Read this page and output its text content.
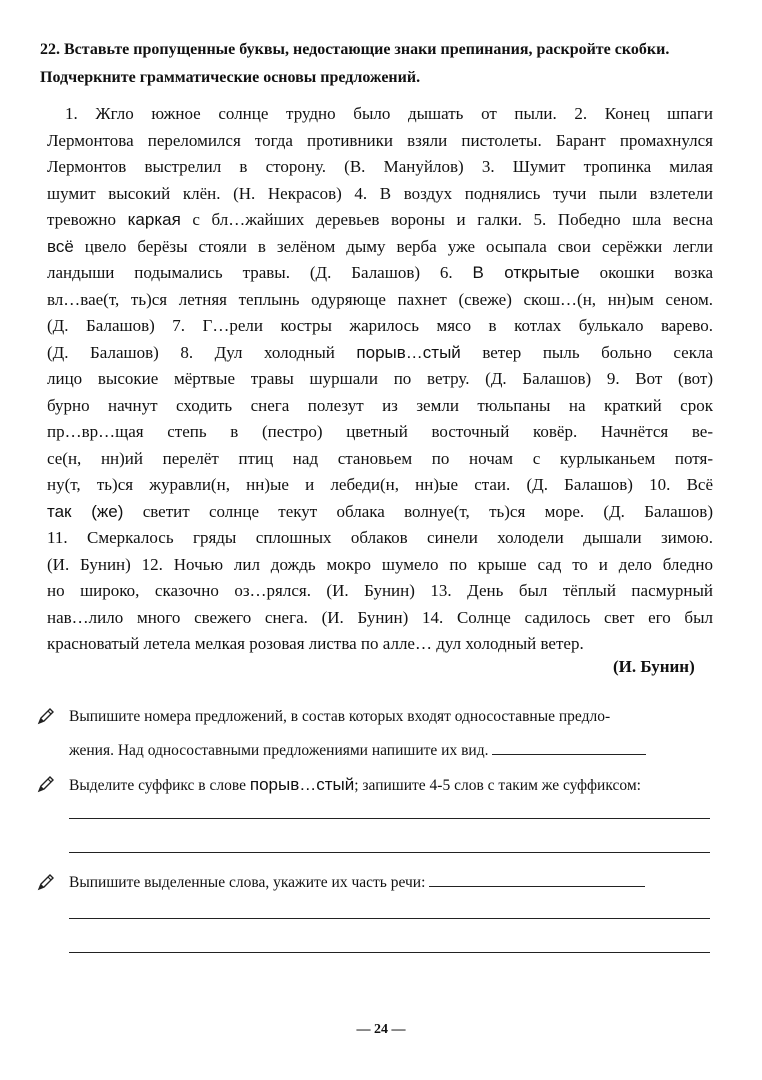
22. Вставьте пропущенные буквы, недостающие знаки препинания, раскройте скобки.
Подчеркните грамматические основы предложений.
1. Жгло южное солнце трудно было дышать от пыли. 2. Конец шпаги
Лермонтова переломился тогда противники взяли пистолеты. Барант промахнулся
Лермонтов выстрелил в сторону. (В. Мануйлов) 3. Шумит тропинка милая
шумит высокий клён. (Н. Некрасов) 4. В воздух поднялись тучи пыли взлетели
тревожно каркая с бл…жайших деревьев вороны и галки. 5. Победно шла весна
всё цвело берёзы стояли в зелёном дыму верба уже осыпала свои серёжки легли
ландыши подымались травы. (Д. Балашов) 6. В открытые окошки возка
вл…вае(т, ть)ся летняя теплынь одуряюще пахнет (свеже) скош…(н, нн)ым сеном.
(Д. Балашов) 7. Г…рели костры жарилось мясо в котлах булькало варево.
(Д. Балашов) 8. Дул холодный порыв…стый ветер пыль больно секла
лицо высокие мёртвые травы шуршали по ветру. (Д. Балашов) 9. Вот (вот)
бурно начнут сходить снега полезут из земли тюльпаны на краткий срок
пр…вр…щая степь в (пестро) цветный восточный ковёр. Начнётся ве-
се(н, нн)ий перелёт птиц над становьем по ночам с курлыканьем потя-
ну(т, ть)ся журавли(н, нн)ые и лебеди(н, нн)ые стаи. (Д. Балашов) 10. Всё
так (же) светит солнце текут облака волнуе(т, ть)ся море. (Д. Балашов)
11. Смеркалось гряды сплошных облаков синели холодели дышали зимою.
(И. Бунин) 12. Ночью лил дождь мокро шумело по крыше сад то и дело бледно
но широко, сказочно оз…рялся. (И. Бунин) 13. День был тёплый пасмурный
нав…лило много свежего снега. (И. Бунин) 14. Солнце садилось свет его был
красноватый летела мелкая розовая листва по алле… дул холодный ветер.
(И. Бунин)
Выпишите номера предложений, в состав которых входят односоставные предло-
жения. Над односоставными предложениями напишите их вид.
Выделите суффикс в слове порыв…стый; запишите 4-5 слов с таким же суффиксом:
Выпишите выделенные слова, укажите их часть речи:
— 24 —
